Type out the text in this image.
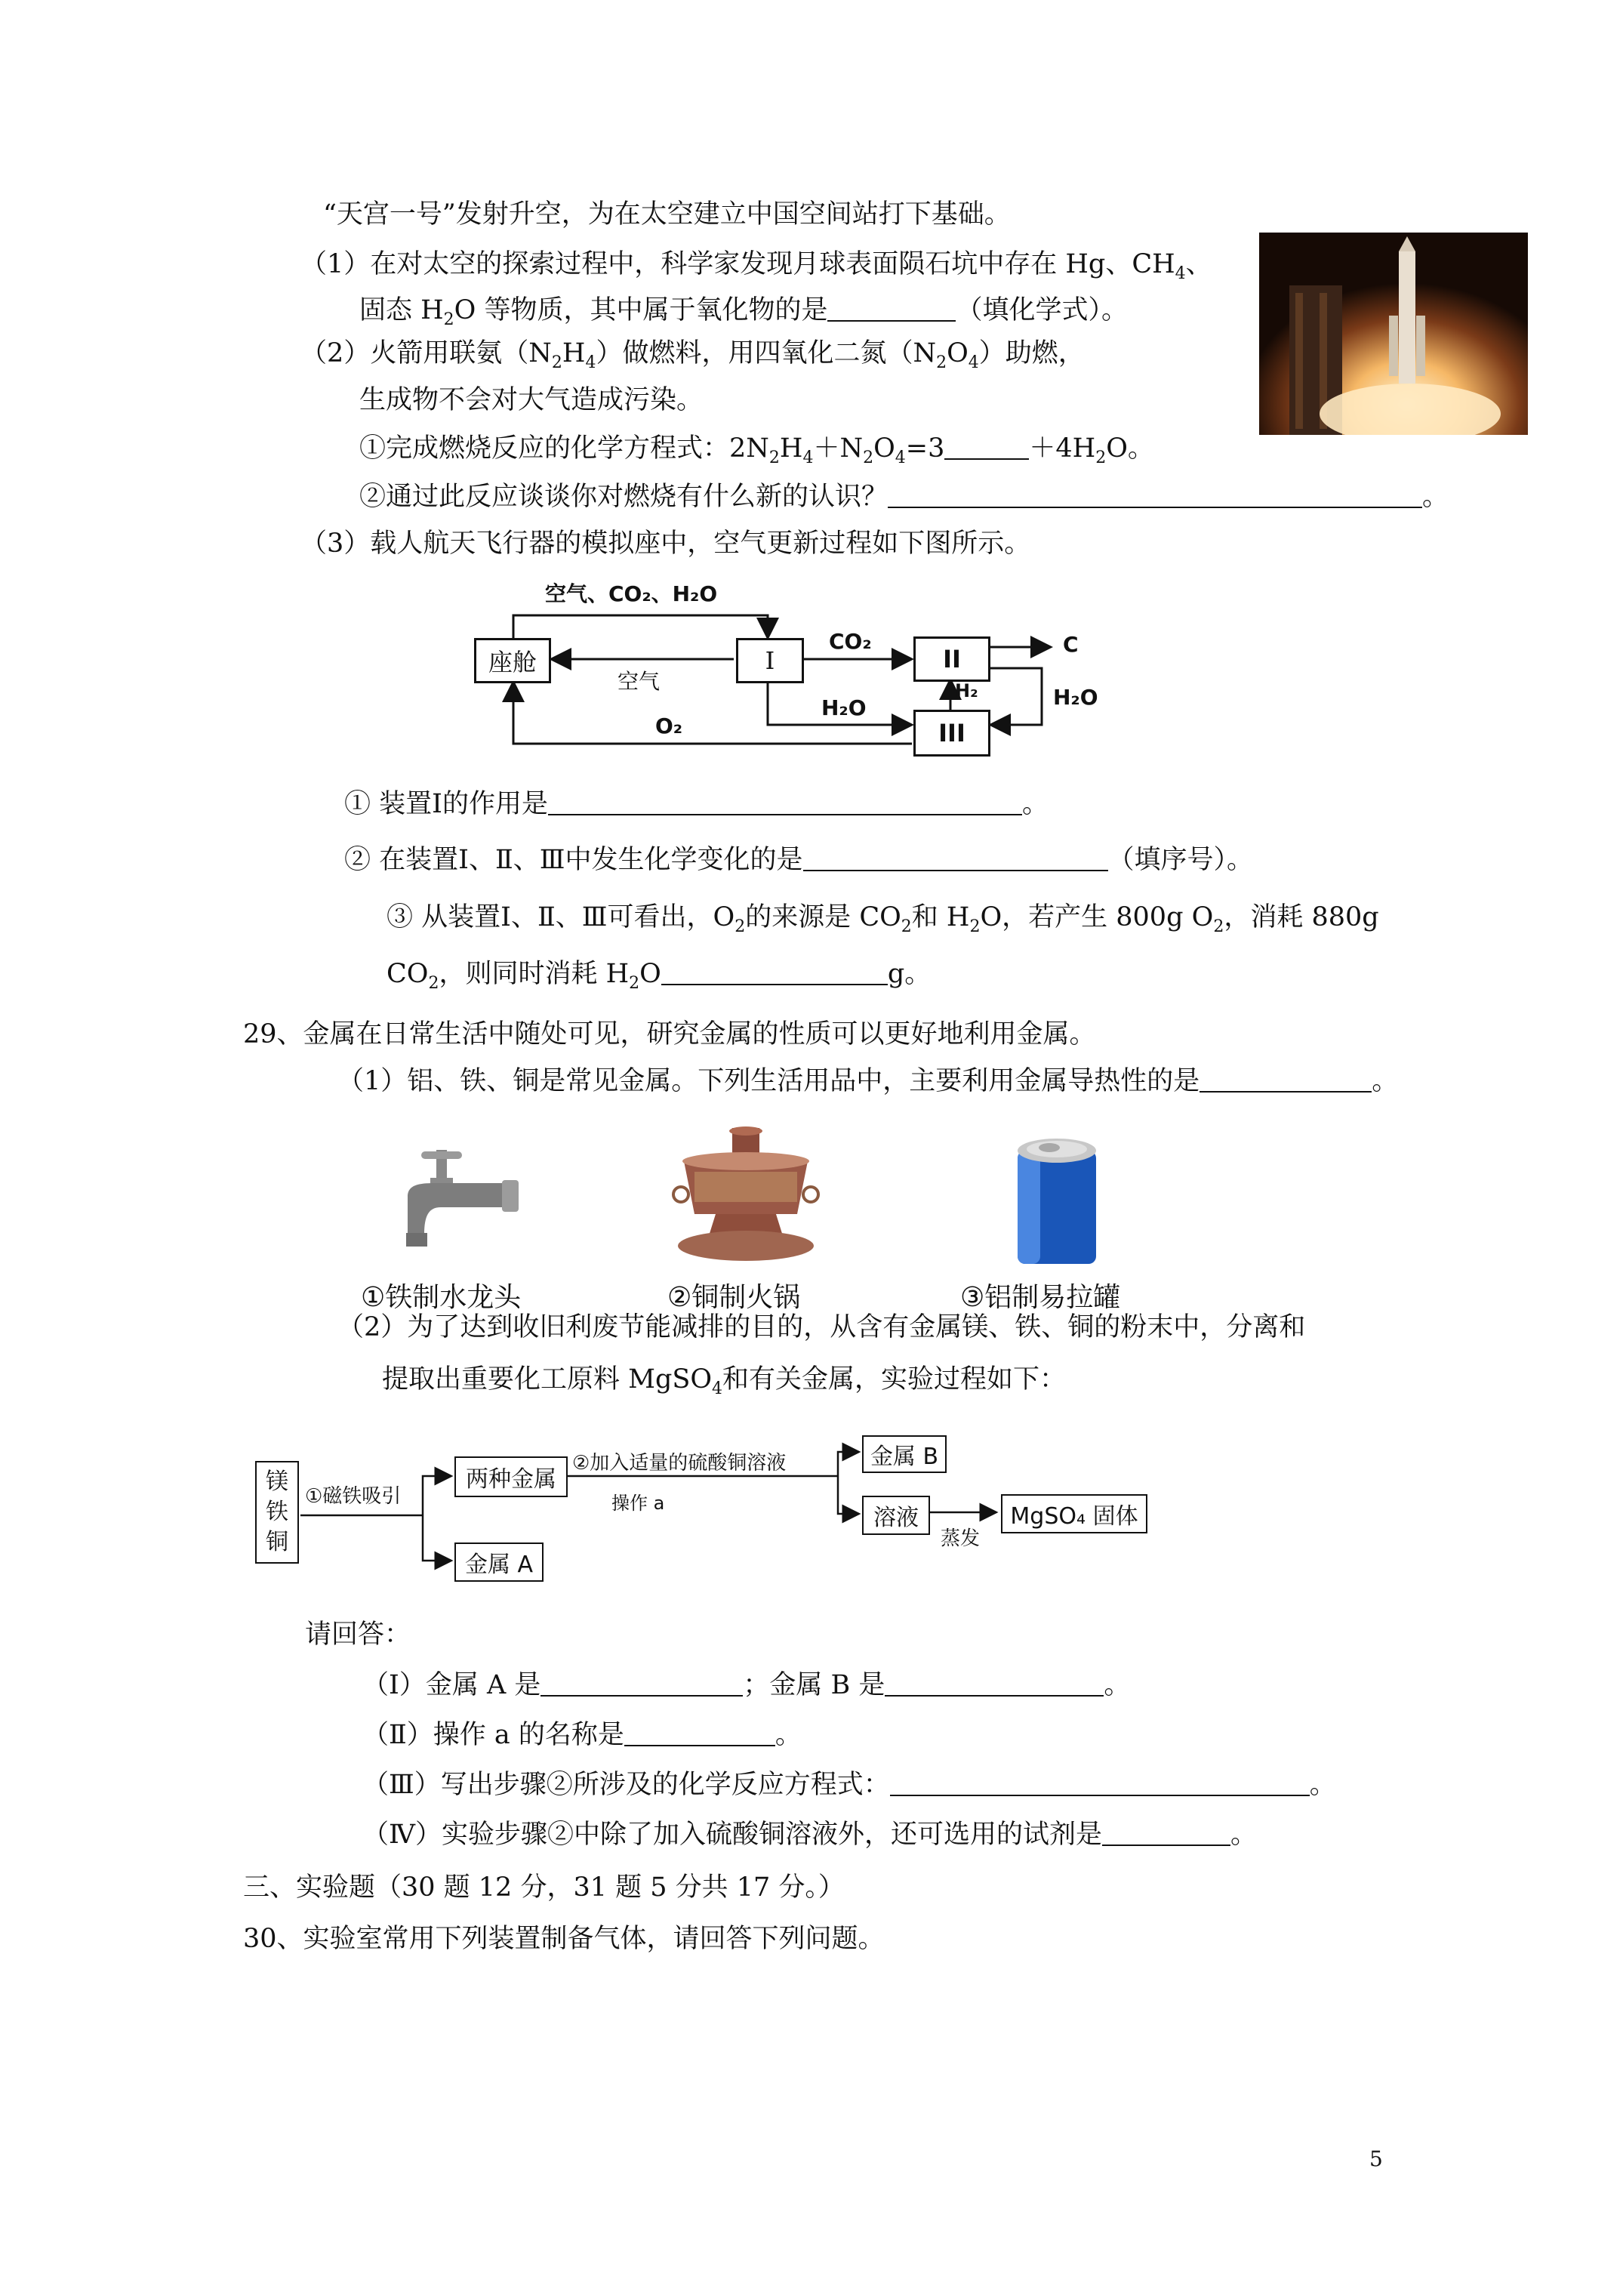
“天宫一号”发射升空，为在太空建立中国空间站打下基础。
（1）在对太空的探索过程中，科学家发现月球表面陨石坑中存在 Hg、$CH_4$、
固态 $H_2O$ 等物质，其中属于氧化物的是	（填化学式）。
（2）火箭用联氨$(N_2H_4)$做燃料，用四氧化二氮$(N_2O_4)$助燃，
生成物不会对大气造成污染。
①完成燃烧反应的化学方程式：$2N_2H_4+N_2O_4=3$	$+4H_2O$。
②通过此反应谈谈你对燃烧有什么新的认识？	。
（3）载人航天飞行器的模拟座中，空气更新过程如下图所示。
座舱	I	II
III
空气、CO₂、H₂O
空气
CO₂	C
H₂
H₂O	H₂O
O₂
① 装置Ⅰ的作用是	。
② 在装置Ⅰ、Ⅱ、Ⅲ中发生化学变化的是	（填序号）。
③ 从装置Ⅰ、Ⅱ、Ⅲ可看出，$O_2$的来源是 $CO_2$和 $H_2O$，若产生 800g $O_2$，消耗 880g
$CO_2$，则同时消耗 $H_2O$	g。
29、金属在日常生活中随处可见，研究金属的性质可以更好地利用金属。
（1）铝、铁、铜是常见金属。下列生活用品中，主要利用金属导热性的是	。
①铁制水龙头	②铜制火锅	③铝制易拉罐
（2）为了达到收旧利废节能减排的目的，从含有金属镁、铁、铜的粉末中，分离和
提取出重要化工原料 MgSO$_4$和有关金属，实验过程如下：
镁
铁
铜
①磁铁吸引
两种金属
②加入适量的硫酸铜溶液
操作 a
金属 B
溶液
蒸发
MgSO₄ 固体
金属 A
请回答：
（Ⅰ）金属 A 是	；金属 B 是	。
（Ⅱ）操作 a 的名称是	。
（Ⅲ）写出步骤②所涉及的化学反应方程式：	。
（Ⅳ）实验步骤②中除了加入硫酸铜溶液外，还可选用的试剂是	。
三、实验题（30 题 12 分，31 题 5 分共 17 分。）
30、实验室常用下列装置制备气体，请回答下列问题。
5
